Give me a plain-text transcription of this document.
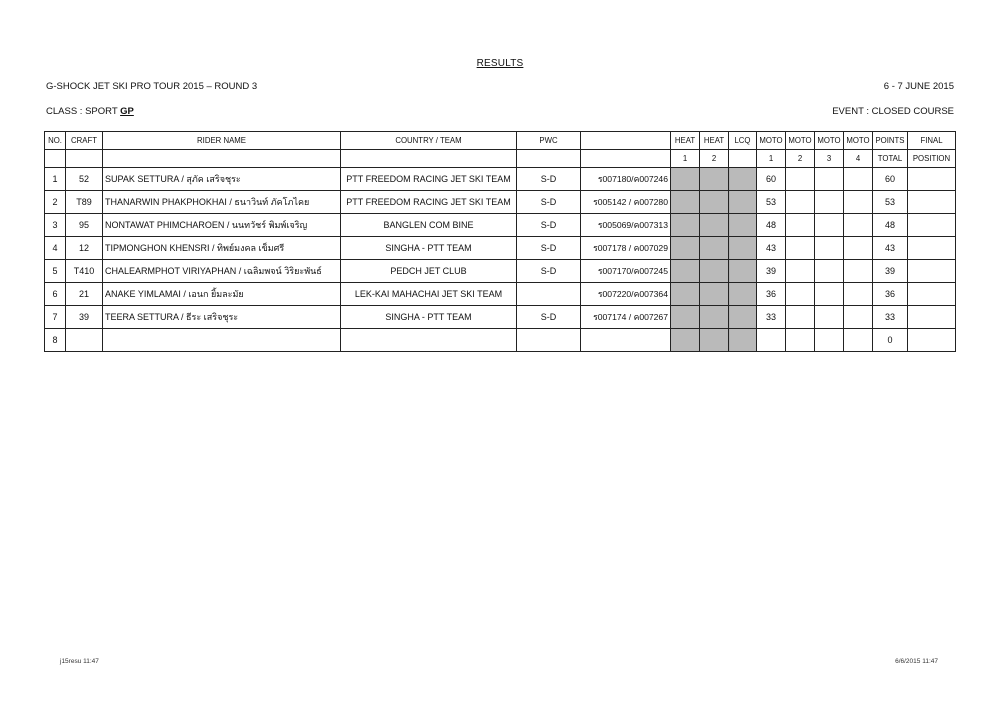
RESULTS
G-SHOCK JET SKI PRO TOUR 2015 – ROUND 3	6 - 7 JUNE 2015
CLASS : SPORT GP	EVENT : CLOSED COURSE
NO.	CRAFT	RIDER NAME	COUNTRY / TEAM	PWC		HEAT	HEAT	LCQ	MOTO	MOTO	MOTO	MOTO	POINTS	FINAL
						1	2		1	2	3	4	TOTAL	POSITION
1	52	SUPAK SETTURA / สุภัค เสริจชุระ	PTT FREEDOM RACING JET SKI TEAM	S-D	ร007180/ค007246				60				60	
2	T89	THANARWIN PHAKPHOKHAI / ธนาวินท์ ภัคโภไคย	PTT FREEDOM RACING JET SKI TEAM	S-D	ร005142 / ค007280				53				53	
3	95	NONTAWAT PHIMCHAROEN / นนทวัชร์ พิมพ์เจริญ	BANGLEN COM BINE	S-D	ร005069/ค007313				48				48	
4	12	TIPMONGHON KHENSRI / ทิพย์มงคล เข็มศรี	SINGHA - PTT TEAM	S-D	ร007178 / ค007029				43				43	
5	T410	CHALEARMPHOT VIRIYAPHAN / เฉลิมพจน์ วิริยะพันธ์	PEDCH JET CLUB	S-D	ร007170/ค007245				39				39	
6	21	ANAKE YIMLAMAI / เอนก ยิ้มละมัย	LEK-KAI MAHACHAI JET SKI TEAM		ร007220/ค007364				36				36	
7	39	TEERA SETTURA / ธีระ เสริจชุระ	SINGHA - PTT TEAM	S-D	ร007174 / ค007267				33				33	
8													0	
j15resu 11:47	6/6/2015 11:47
